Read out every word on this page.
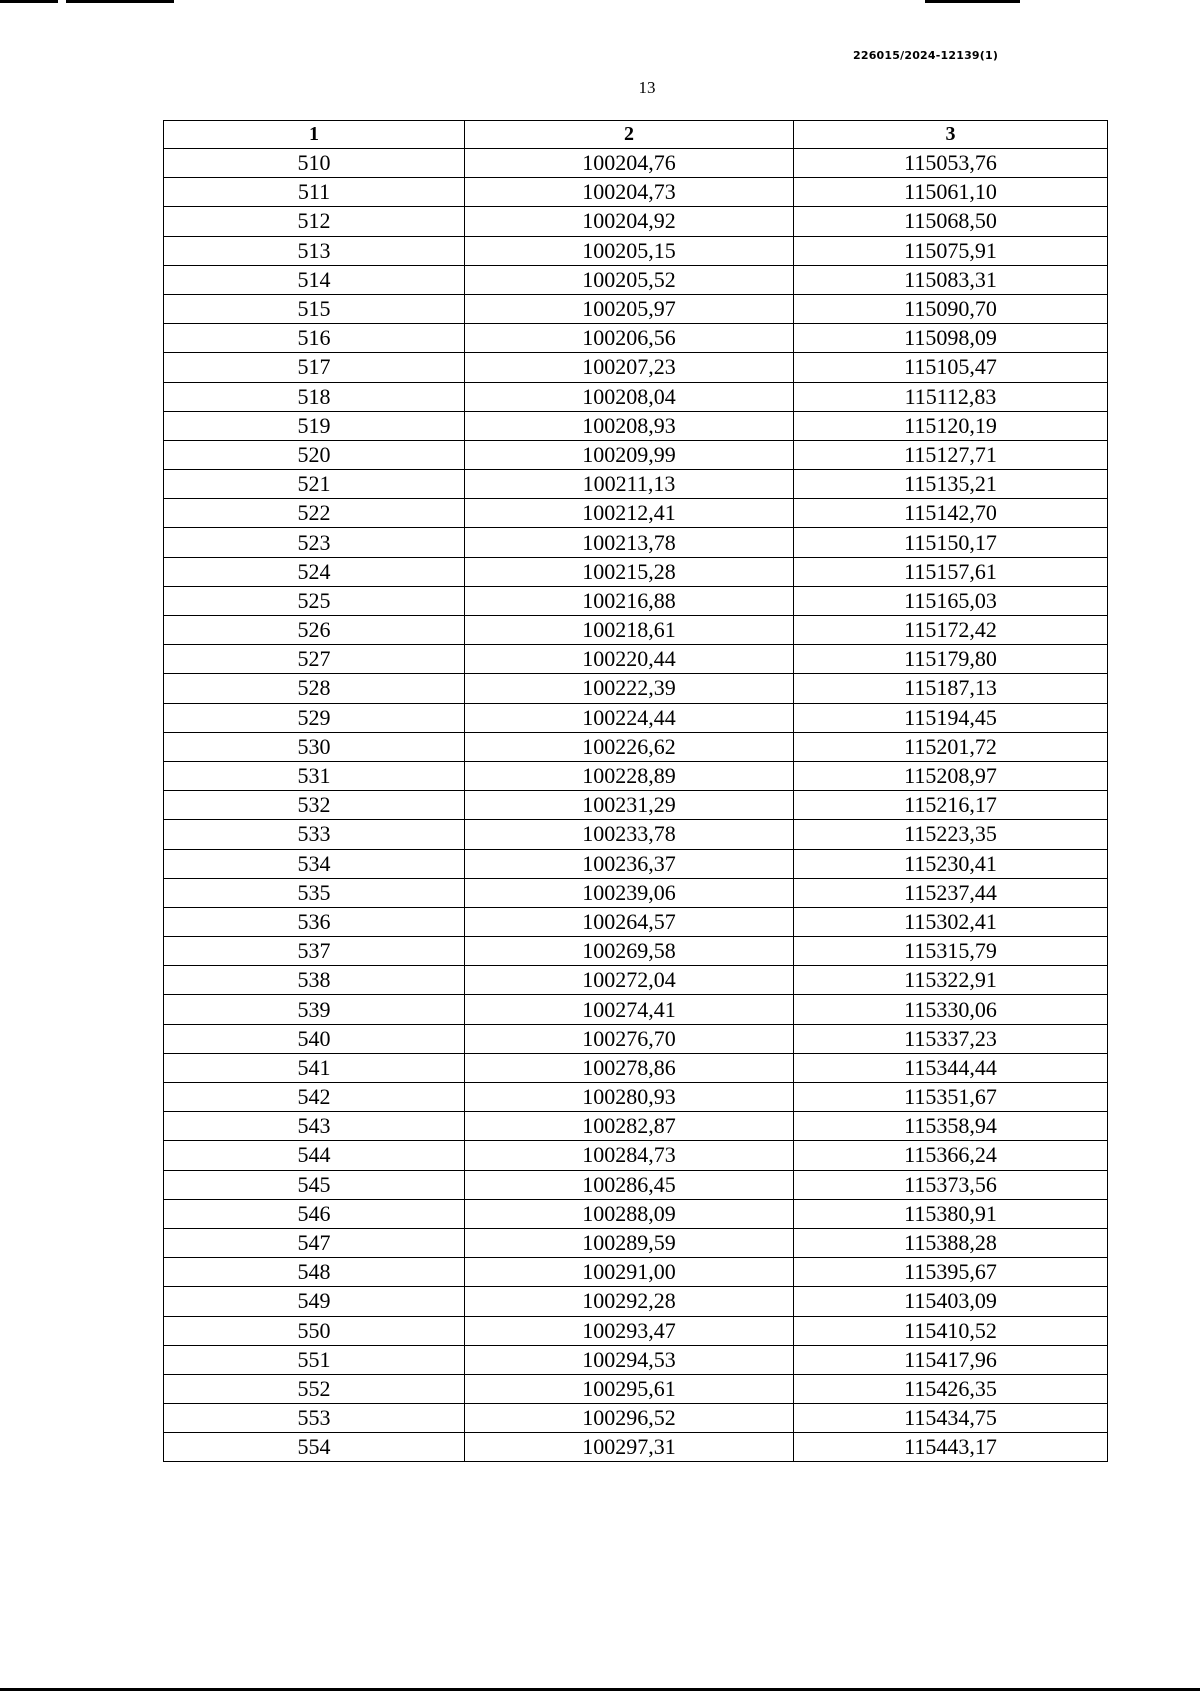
226015/2024-12139(1)
13
1	2	3
510	100204,76	115053,76
511	100204,73	115061,10
512	100204,92	115068,50
513	100205,15	115075,91
514	100205,52	115083,31
515	100205,97	115090,70
516	100206,56	115098,09
517	100207,23	115105,47
518	100208,04	115112,83
519	100208,93	115120,19
520	100209,99	115127,71
521	100211,13	115135,21
522	100212,41	115142,70
523	100213,78	115150,17
524	100215,28	115157,61
525	100216,88	115165,03
526	100218,61	115172,42
527	100220,44	115179,80
528	100222,39	115187,13
529	100224,44	115194,45
530	100226,62	115201,72
531	100228,89	115208,97
532	100231,29	115216,17
533	100233,78	115223,35
534	100236,37	115230,41
535	100239,06	115237,44
536	100264,57	115302,41
537	100269,58	115315,79
538	100272,04	115322,91
539	100274,41	115330,06
540	100276,70	115337,23
541	100278,86	115344,44
542	100280,93	115351,67
543	100282,87	115358,94
544	100284,73	115366,24
545	100286,45	115373,56
546	100288,09	115380,91
547	100289,59	115388,28
548	100291,00	115395,67
549	100292,28	115403,09
550	100293,47	115410,52
551	100294,53	115417,96
552	100295,61	115426,35
553	100296,52	115434,75
554	100297,31	115443,17
